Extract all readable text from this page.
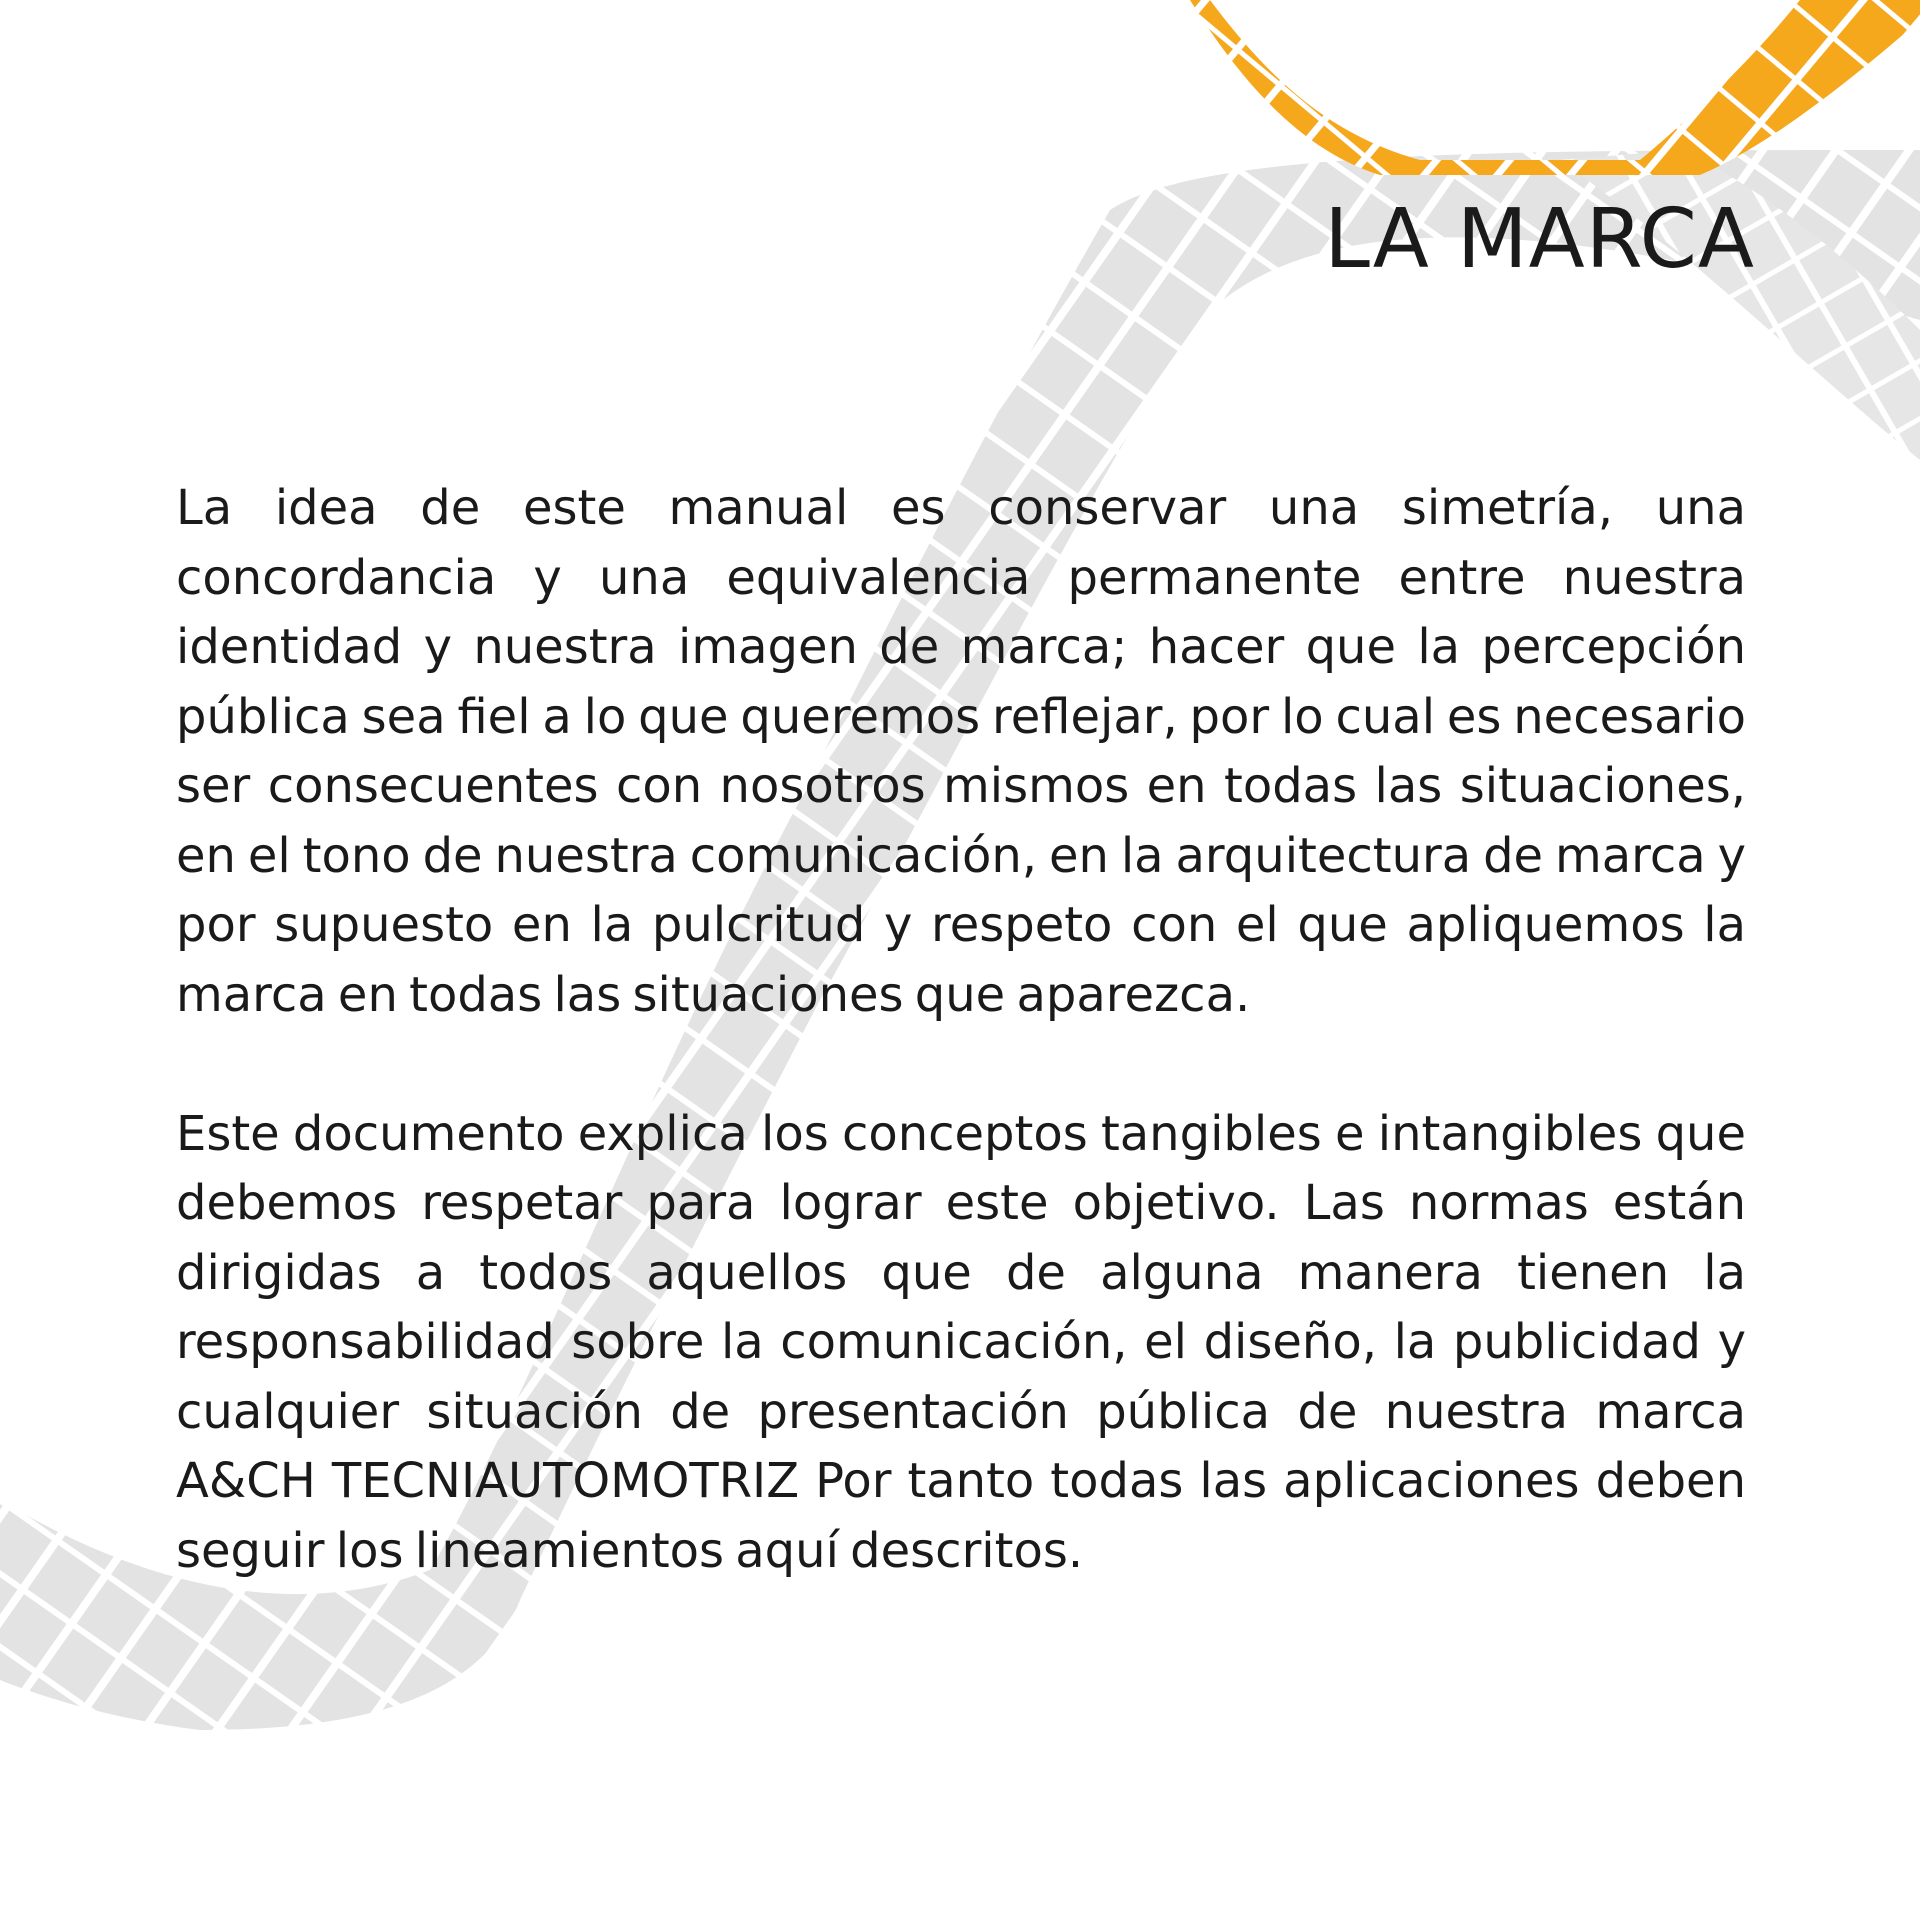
LA MARCA

La idea de este manual es conservar una simetría, una concordancia y una equivalencia permanente entre nuestra identidad y nuestra imagen de marca; hacer que la percepción pública sea fiel a lo que queremos reflejar, por lo cual es necesario ser consecuentes con nosotros mismos en todas las situaciones, en el tono de nuestra comunicación, en la arquitectura de marca y por supuesto en la pulcritud y respeto con el que apliquemos la marca en todas las situaciones que aparezca.

Este documento explica los conceptos tangibles e intangibles que debemos respetar para lograr este objetivo. Las normas están dirigidas a todos aquellos que de alguna manera tienen la responsabilidad sobre la comunicación, el diseño, la publicidad y cualquier situación de presentación pública de nuestra marca A&CH TECNIAUTOMOTRIZ Por tanto todas las aplicaciones deben seguir los lineamientos aquí descritos.
